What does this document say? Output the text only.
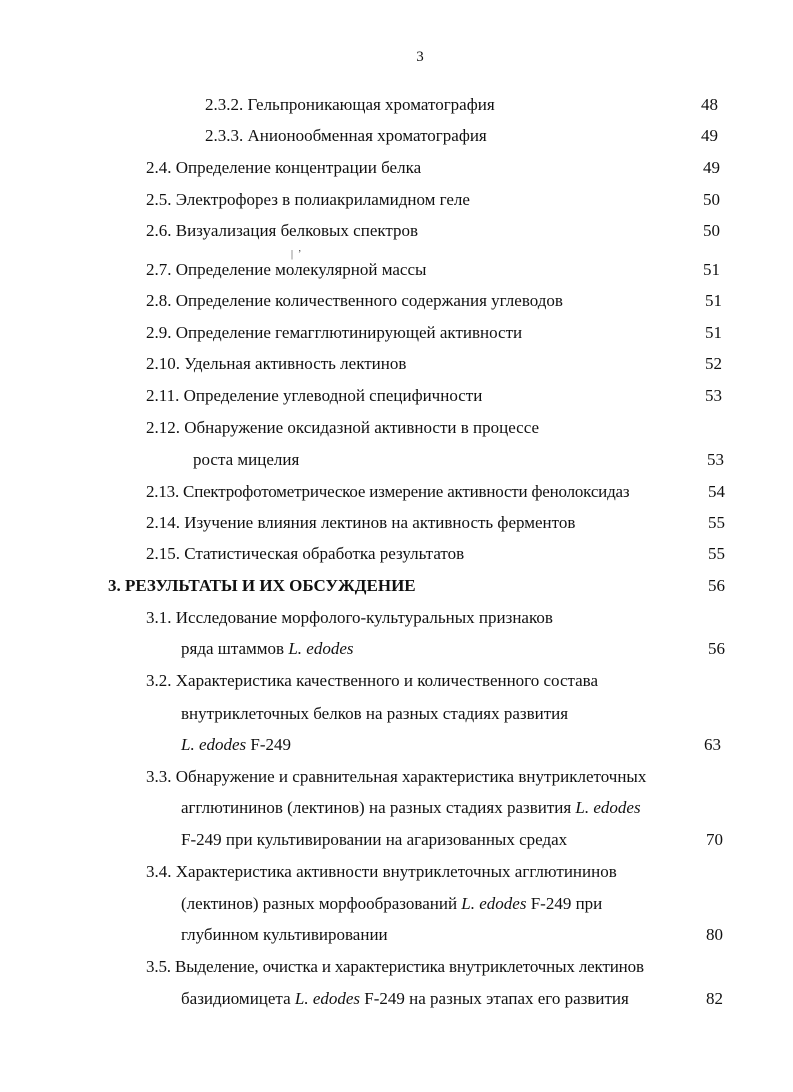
3
2.3.2. Гельпроникающая хроматография	48
2.3.3. Анионообменная хроматография	49
2.4. Определение концентрации белка	49
2.5. Электрофорез в полиакриламидном геле	50
2.6. Визуализация белковых спектров	50
|  ’
2.7. Определение молекулярной массы	51
2.8. Определение количественного содержания углеводов	51
2.9. Определение гемагглютинирующей активности	51
2.10. Удельная активность лектинов	52
2.11. Определение углеводной специфичности	53
2.12. Обнаружение оксидазной активности в процессе
роста мицелия	53
2.13. Спектрофотометрическое измерение активности фенолоксидаз	54
2.14. Изучение влияния лектинов на активность ферментов	55
2.15. Статистическая обработка результатов	55
3. РЕЗУЛЬТАТЫ И ИХ ОБСУЖДЕНИЕ	56
3.1. Исследование морфолого-культуральных признаков
ряда штаммов L. edodes	56
3.2. Характеристика качественного и количественного состава
внутриклеточных белков на разных стадиях развития
L. edodes F-249	63
3.3. Обнаружение и сравнительная характеристика внутриклеточных
агглютининов (лектинов) на разных стадиях развития L. edodes
F-249 при культивировании на агаризованных средах	70
3.4. Характеристика активности внутриклеточных агглютининов
(лектинов) разных морфообразований L. edodes F-249 при
глубинном культивировании	80
3.5. Выделение, очистка и характеристика внутриклеточных лектинов
базидиомицета L. edodes F-249 на разных этапах его развития	82
